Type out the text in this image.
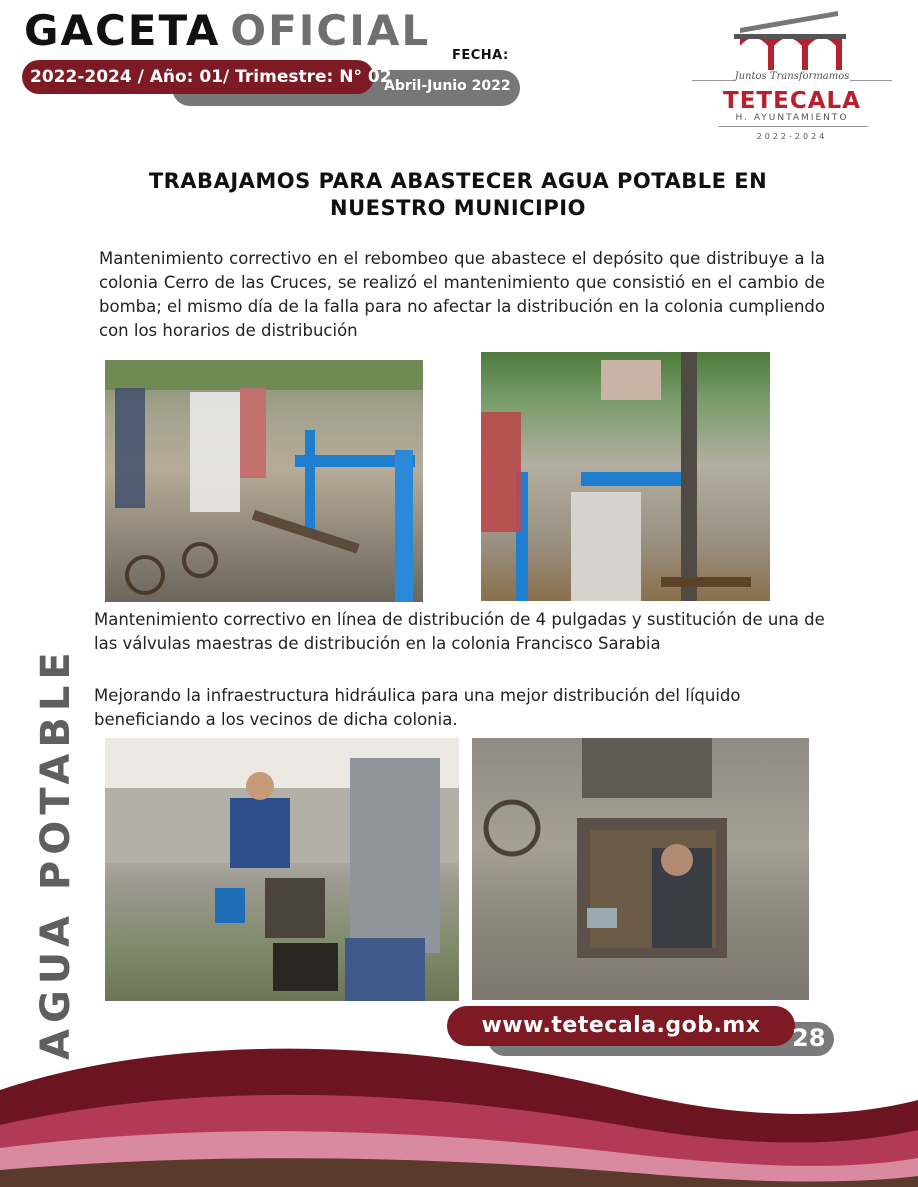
GACETA OFICIAL
2022-2024 / Año: 01/ Trimestre: N° 02
FECHA:
Abril-Junio 2022
Juntos Transformamos
TETECALA
H. AYUNTAMIENTO
2022-2024
TRABAJAMOS PARA ABASTECER AGUA POTABLE EN NUESTRO MUNICIPIO
Mantenimiento correctivo en el rebombeo que abastece el depósito que distribuye a la colonia Cerro de las Cruces, se realizó el mantenimiento que consistió en el cambio de bomba; el mismo día de la falla para no afectar la distribución en la colonia cumpliendo con los horarios de distribución
Mantenimiento correctivo en línea de distribución de 4 pulgadas y sustitución de una de las válvulas maestras de distribución en la colonia Francisco Sarabia
Mejorando la infraestructura hidráulica para una mejor distribución del líquido beneficiando a los vecinos de dicha colonia.
AGUA POTABLE	www.tetecala.gob.mx	28
